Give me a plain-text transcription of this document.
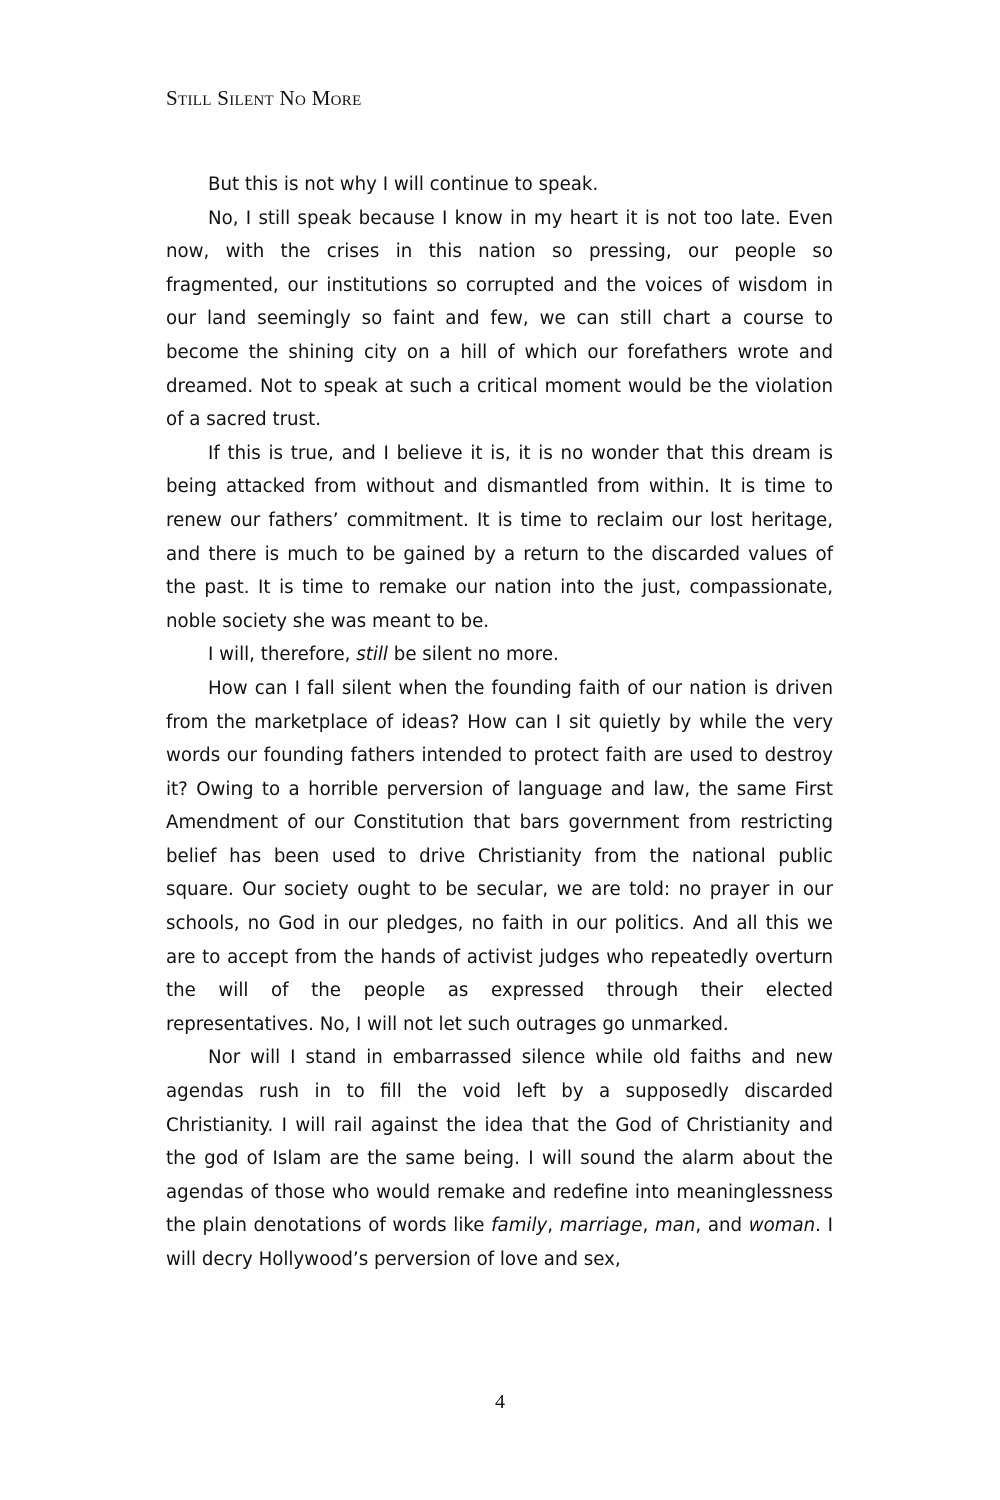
Still Silent No More

But this is not why I will continue to speak.

No, I still speak because I know in my heart it is not too late. Even now, with the crises in this nation so pressing, our people so fragmented, our institutions so corrupted and the voices of wisdom in our land seemingly so faint and few, we can still chart a course to become the shining city on a hill of which our forefathers wrote and dreamed. Not to speak at such a critical moment would be the violation of a sacred trust.

If this is true, and I believe it is, it is no wonder that this dream is being attacked from without and dismantled from within. It is time to renew our fathers’ commitment. It is time to reclaim our lost heritage, and there is much to be gained by a return to the discarded values of the past. It is time to remake our nation into the just, compassionate, noble society she was meant to be.

I will, therefore, still be silent no more.

How can I fall silent when the founding faith of our nation is driven from the marketplace of ideas? How can I sit quietly by while the very words our founding fathers intended to protect faith are used to destroy it? Owing to a horrible perversion of language and law, the same First Amendment of our Constitution that bars government from restricting belief has been used to drive Christianity from the national public square. Our society ought to be secular, we are told: no prayer in our schools, no God in our pledges, no faith in our politics. And all this we are to accept from the hands of activist judges who repeatedly overturn the will of the people as expressed through their elected representatives. No, I will not let such outrages go unmarked.

Nor will I stand in embarrassed silence while old faiths and new agendas rush in to fill the void left by a supposedly discarded Christianity. I will rail against the idea that the God of Christianity and the god of Islam are the same being. I will sound the alarm about the agendas of those who would remake and redefine into meaninglessness the plain denotations of words like family, marriage, man, and woman. I will decry Hollywood’s perversion of love and sex,

4
